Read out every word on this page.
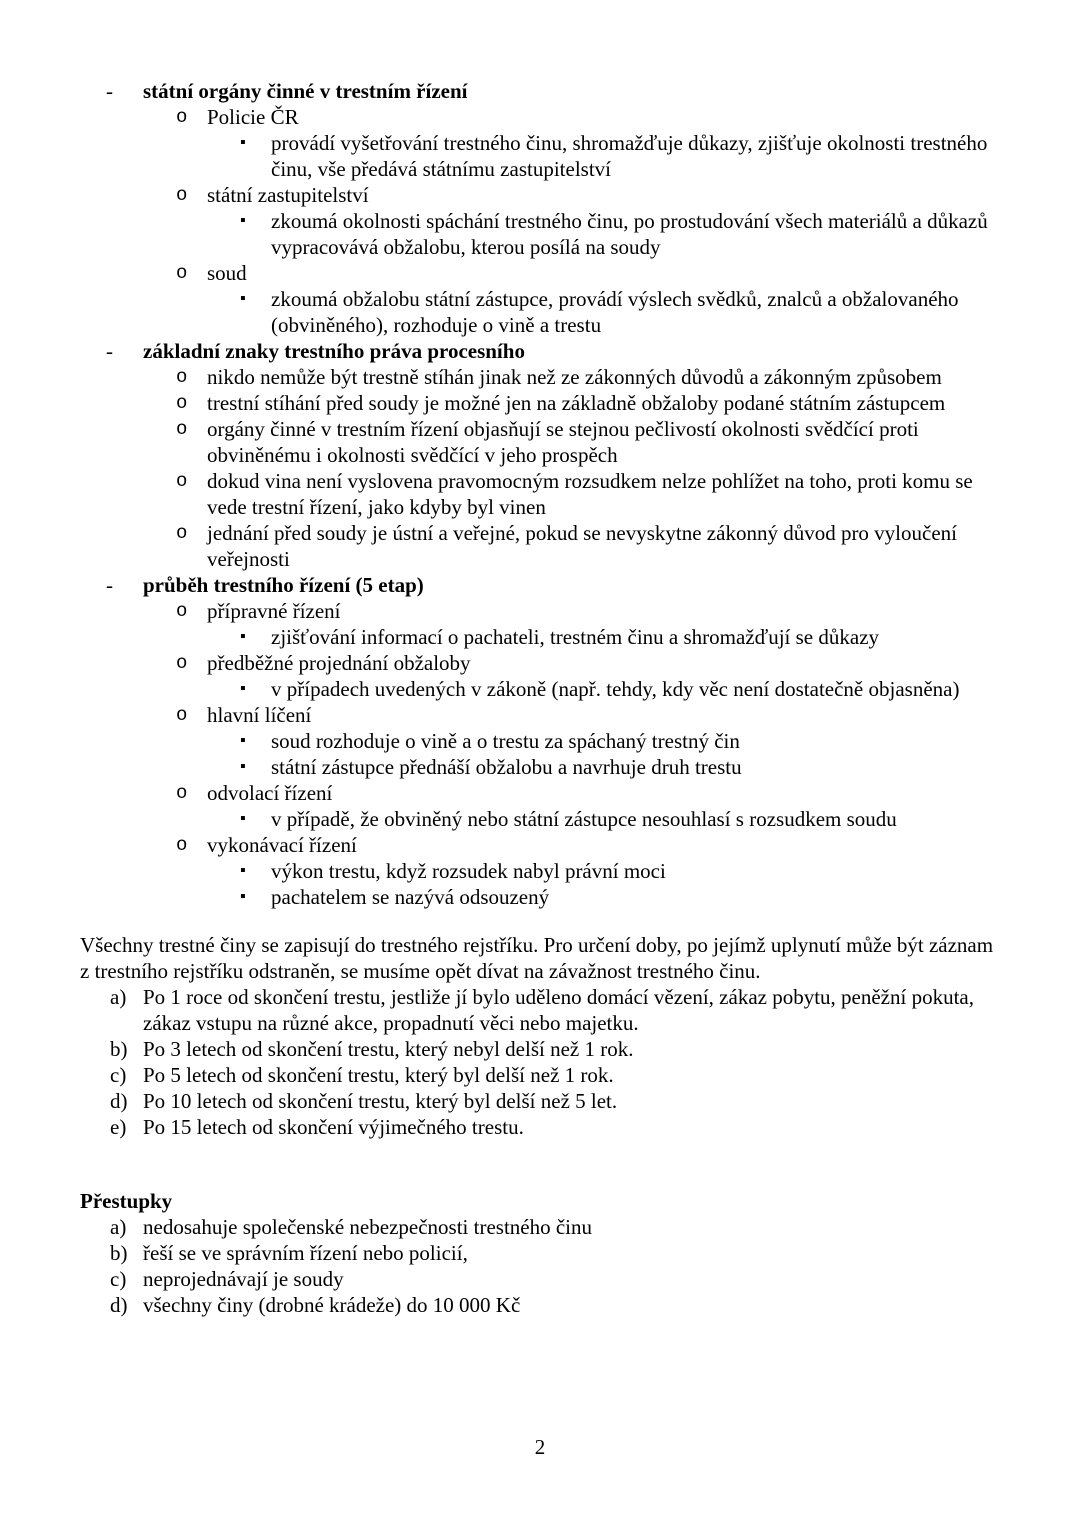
-	státní orgány činné v trestním řízení
o Policie ČR
▪	provádí vyšetřování trestného činu, shromažďuje důkazy, zjišťuje okolnosti trestného činu, vše předává státnímu zastupitelství
o státní zastupitelství
▪	zkoumá okolnosti spáchání trestného činu, po prostudování všech materiálů a důkazů vypracovává obžalobu, kterou posílá na soudy
o soud
▪	zkoumá obžalobu státní zástupce, provádí výslech svědků, znalců a obžalovaného (obviněného), rozhoduje o vině a trestu
-	základní znaky trestního práva procesního
o nikdo nemůže být trestně stíhán jinak než ze zákonných důvodů a zákonným způsobem
o trestní stíhání před soudy je možné jen na základně obžaloby podané státním zástupcem
o orgány činné v trestním řízení objasňují se stejnou pečlivostí okolnosti svědčící proti obviněnému i okolnosti svědčící v jeho prospěch
o dokud vina není vyslovena pravomocným rozsudkem nelze pohlížet na toho, proti komu se vede trestní řízení, jako kdyby byl vinen
o jednání před soudy je ústní a veřejné, pokud se nevyskytne zákonný důvod pro vyloučení veřejnosti
-	průběh trestního řízení (5 etap)
o přípravné řízení
▪	zjišťování informací o pachateli, trestném činu a shromažďují se důkazy
o předběžné projednání obžaloby
▪	v případech uvedených v zákoně (např. tehdy, kdy věc není dostatečně objasněna)
o hlavní líčení
▪	soud rozhoduje o vině a o trestu za spáchaný trestný čin
▪	státní zástupce přednáší obžalobu a navrhuje druh trestu
o odvolací řízení
▪	v případě, že obviněný nebo státní zástupce nesouhlasí s rozsudkem soudu
o vykonávací řízení
▪	výkon trestu, když rozsudek nabyl právní moci
▪	pachatelem se nazývá odsouzený
Všechny trestné činy se zapisují do trestného rejstříku. Pro určení doby, po jejímž uplynutí může být záznam z trestního rejstříku odstraněn, se musíme opět dívat na závažnost trestného činu.
a) Po 1 roce od skončení trestu, jestliže jí bylo uděleno domácí vězení, zákaz pobytu, peněžní pokuta, zákaz vstupu na různé akce, propadnutí věci nebo majetku.
b) Po 3 letech od skončení trestu, který nebyl delší než 1 rok.
c) Po 5 letech od skončení trestu, který byl delší než 1 rok.
d) Po 10 letech od skončení trestu, který byl delší než 5 let.
e) Po 15 letech od skončení výjimečného trestu.
Přestupky
a) nedosahuje společenské nebezpečnosti trestného činu
b) řeší se ve správním řízení nebo policií,
c) neprojednávají je soudy
d) všechny činy (drobné krádeže) do 10 000 Kč
2
